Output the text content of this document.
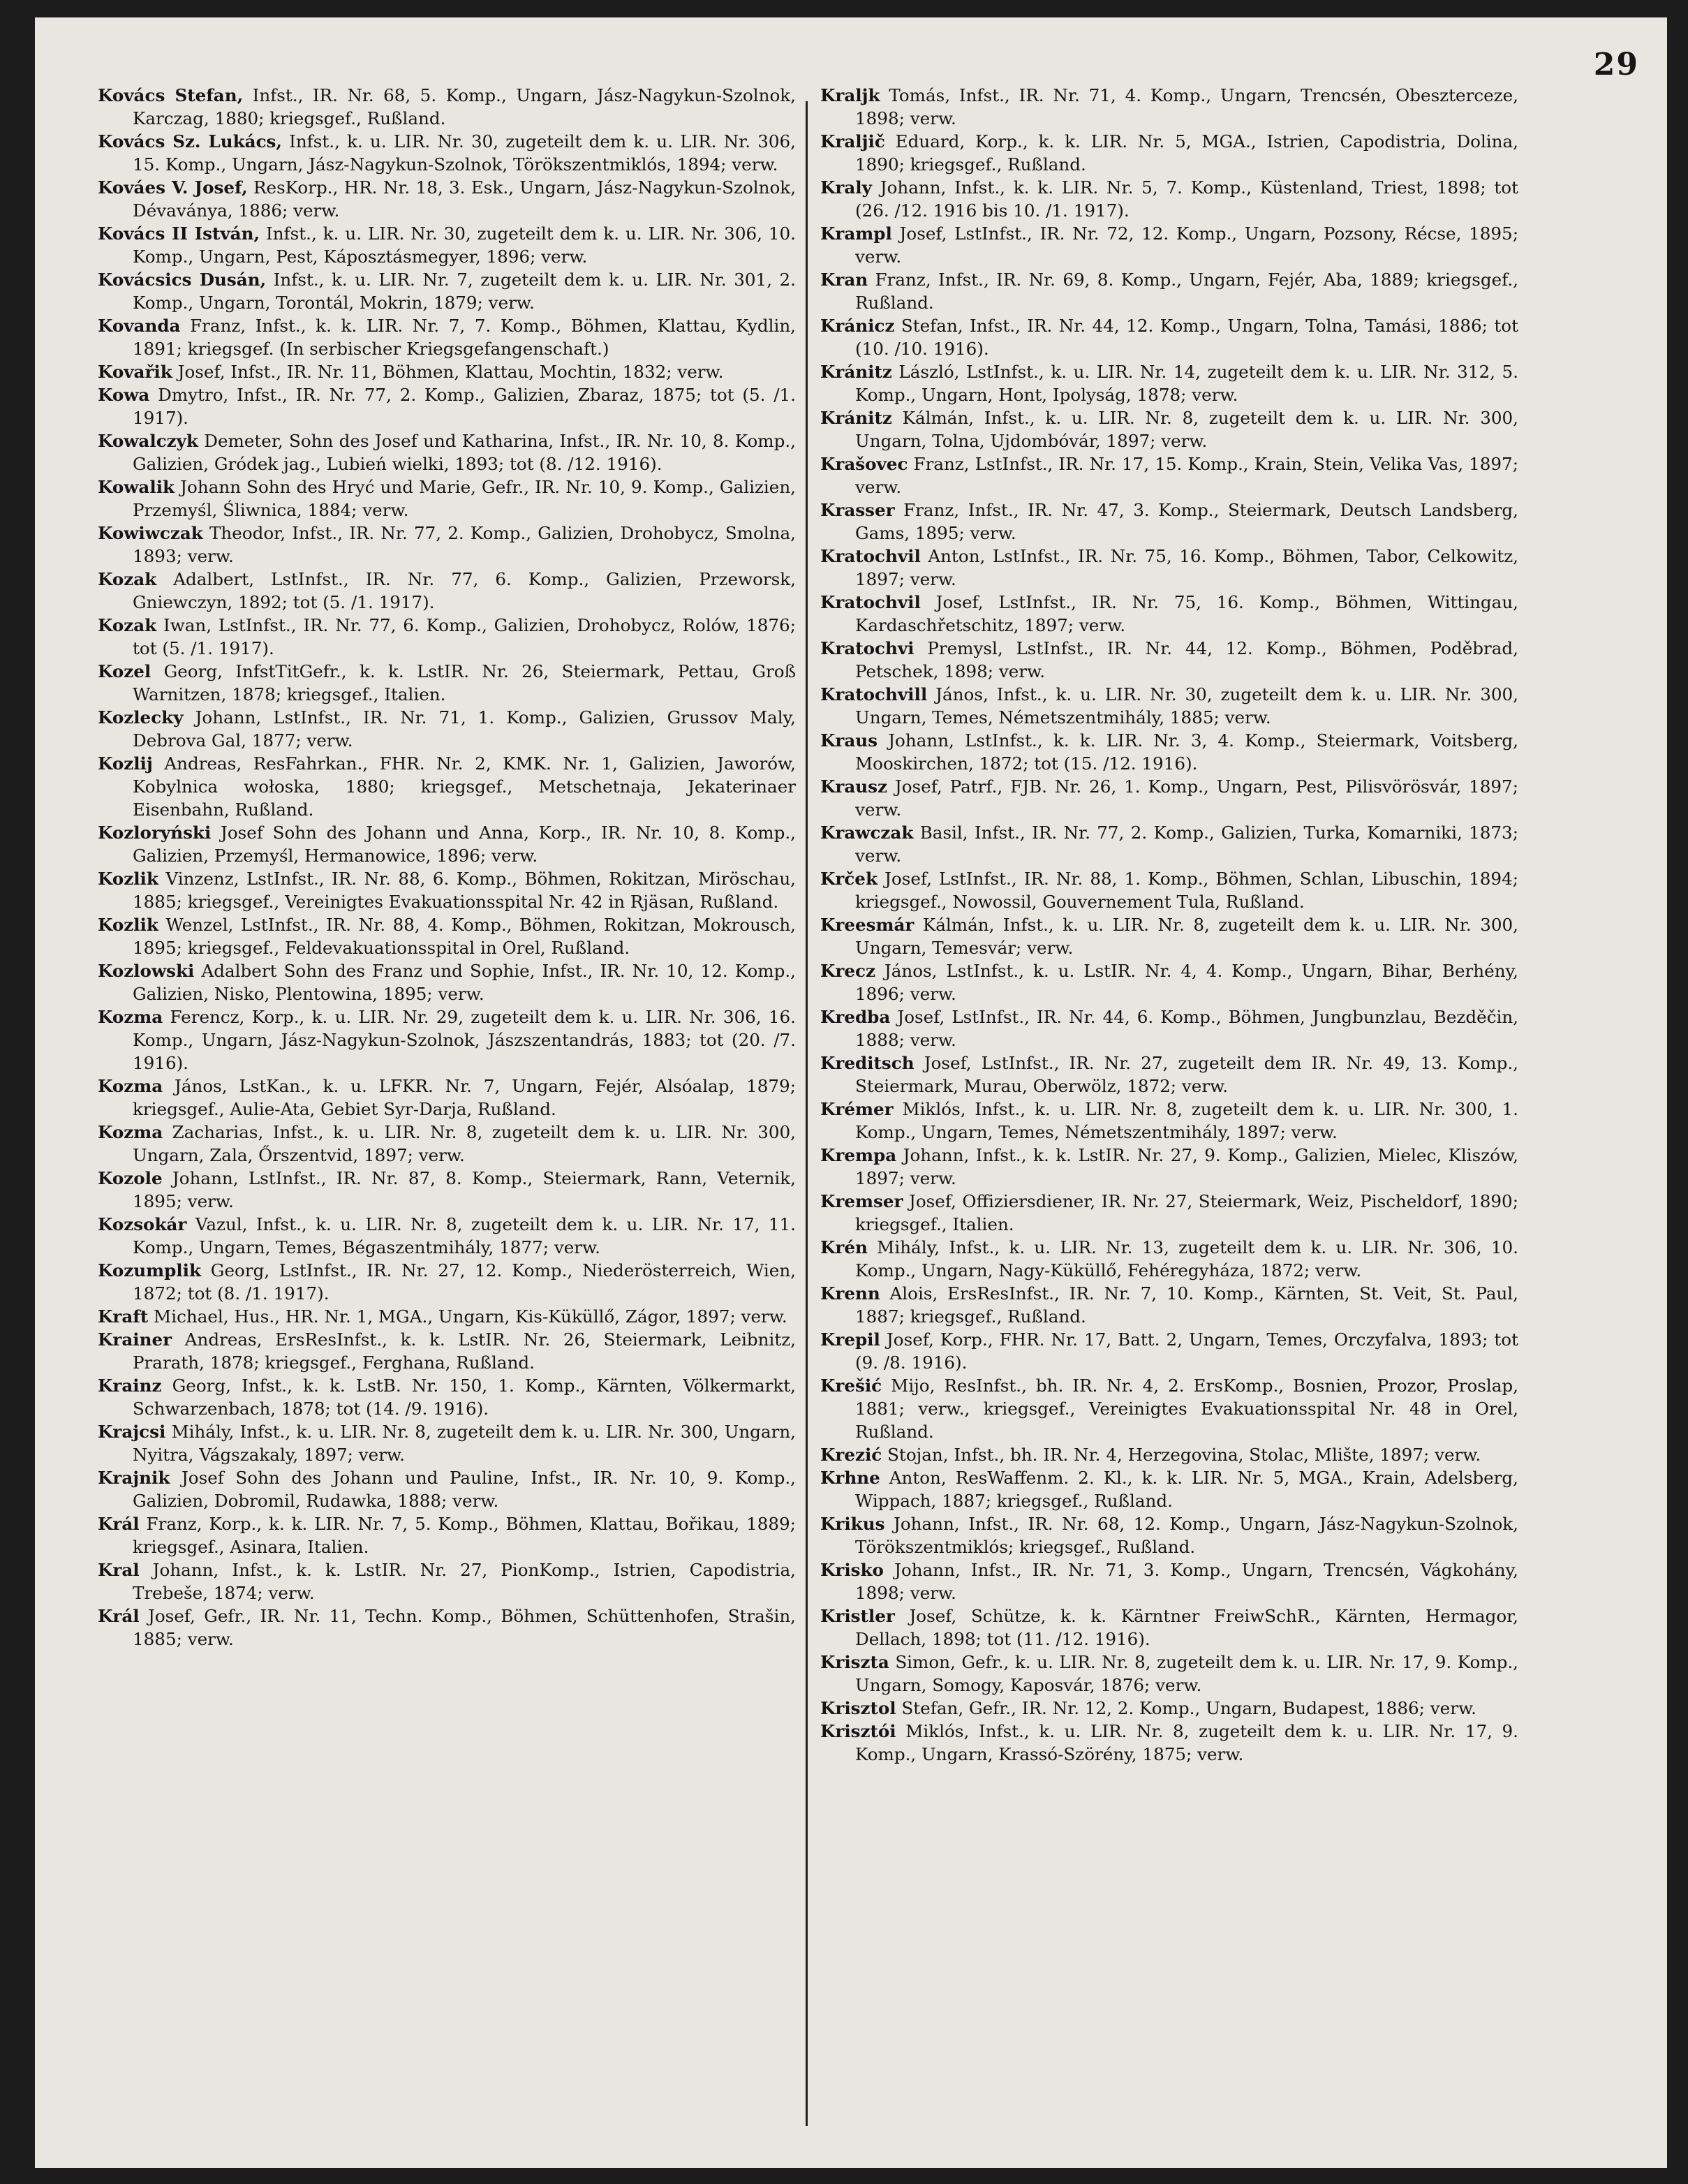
29

Kovács Stefan, Infst., IR. Nr. 68, 5. Komp., Ungarn, Jász-Nagykun-Szolnok, Karczag, 1880; kriegsgef., Rußland.

Kovács Sz. Lukács, Infst., k. u. LIR. Nr. 30, zugeteilt dem k. u. LIR. Nr. 306, 15. Komp., Ungarn, Jász-Nagykun-Szolnok, Törökszentmiklós, 1894; verw.

Kováes V. Josef, ResKorp., HR. Nr. 18, 3. Esk., Ungarn, Jász-Nagykun-Szolnok, Dévaványa, 1886; verw.

Kovács II István, Infst., k. u. LIR. Nr. 30, zugeteilt dem k. u. LIR. Nr. 306, 10. Komp., Ungarn, Pest, Káposztásmegyer, 1896; verw.

Kovácsics Dusán, Infst., k. u. LIR. Nr. 7, zugeteilt dem k. u. LIR. Nr. 301, 2. Komp., Ungarn, Torontál, Mokrin, 1879; verw.

Kovanda Franz, Infst., k. k. LIR. Nr. 7, 7. Komp., Böhmen, Klattau, Kydlin, 1891; kriegsgef. (In serbischer Kriegsgefangenschaft.)

Kovařik Josef, Infst., IR. Nr. 11, Böhmen, Klattau, Mochtin, 1832; verw.

Kowa Dmytro, Infst., IR. Nr. 77, 2. Komp., Galizien, Zbaraz, 1875; tot (5. /1. 1917).

Kowalczyk Demeter, Sohn des Josef und Katharina, Infst., IR. Nr. 10, 8. Komp., Galizien, Gródek jag., Lubień wielki, 1893; tot (8. /12. 1916).

Kowalik Johann Sohn des Hryć und Marie, Gefr., IR. Nr. 10, 9. Komp., Galizien, Przemyśl, Śliwnica, 1884; verw.

Kowiwczak Theodor, Infst., IR. Nr. 77, 2. Komp., Galizien, Drohobycz, Smolna, 1893; verw.

Kozak Adalbert, LstInfst., IR. Nr. 77, 6. Komp., Galizien, Przeworsk, Gniewczyn, 1892; tot (5. /1. 1917).

Kozak Iwan, LstInfst., IR. Nr. 77, 6. Komp., Galizien, Drohobycz, Rolów, 1876; tot (5. /1. 1917).

Kozel Georg, InfstTitGefr., k. k. LstIR. Nr. 26, Steiermark, Pettau, Groß Warnitzen, 1878; kriegsgef., Italien.

Kozlecky Johann, LstInfst., IR. Nr. 71, 1. Komp., Galizien, Grussov Maly, Debrova Gal, 1877; verw.

Kozlij Andreas, ResFahrkan., FHR. Nr. 2, KMK. Nr. 1, Galizien, Jaworów, Kobylnica wołoska, 1880; kriegsgef., Metschetnaja, Jekaterinaer Eisenbahn, Rußland.

Kozloryński Josef Sohn des Johann und Anna, Korp., IR. Nr. 10, 8. Komp., Galizien, Przemyśl, Hermanowice, 1896; verw.

Kozlik Vinzenz, LstInfst., IR. Nr. 88, 6. Komp., Böhmen, Rokitzan, Miröschau, 1885; kriegsgef., Vereinigtes Evakuationsspital Nr. 42 in Rjäsan, Rußland.

Kozlik Wenzel, LstInfst., IR. Nr. 88, 4. Komp., Böhmen, Rokitzan, Mokrousch, 1895; kriegsgef., Feldevakuationsspital in Orel, Rußland.

Kozlowski Adalbert Sohn des Franz und Sophie, Infst., IR. Nr. 10, 12. Komp., Galizien, Nisko, Plentowina, 1895; verw.

Kozma Ferencz, Korp., k. u. LIR. Nr. 29, zugeteilt dem k. u. LIR. Nr. 306, 16. Komp., Ungarn, Jász-Nagykun-Szolnok, Jászszentandrás, 1883; tot (20. /7. 1916).

Kozma János, LstKan., k. u. LFKR. Nr. 7, Ungarn, Fejér, Alsóalap, 1879; kriegsgef., Aulie-Ata, Gebiet Syr-Darja, Rußland.

Kozma Zacharias, Infst., k. u. LIR. Nr. 8, zugeteilt dem k. u. LIR. Nr. 300, Ungarn, Zala, Őrszentvid, 1897; verw.

Kozole Johann, LstInfst., IR. Nr. 87, 8. Komp., Steiermark, Rann, Veternik, 1895; verw.

Kozsokár Vazul, Infst., k. u. LIR. Nr. 8, zugeteilt dem k. u. LIR. Nr. 17, 11. Komp., Ungarn, Temes, Bégaszentmihály, 1877; verw.

Kozumplik Georg, LstInfst., IR. Nr. 27, 12. Komp., Niederösterreich, Wien, 1872; tot (8. /1. 1917).

Kraft Michael, Hus., HR. Nr. 1, MGA., Ungarn, Kis-Küküllő, Zágor, 1897; verw.

Krainer Andreas, ErsResInfst., k. k. LstIR. Nr. 26, Steiermark, Leibnitz, Prarath, 1878; kriegsgef., Ferghana, Rußland.

Krainz Georg, Infst., k. k. LstB. Nr. 150, 1. Komp., Kärnten, Völkermarkt, Schwarzenbach, 1878; tot (14. /9. 1916).

Krajcsi Mihály, Infst., k. u. LIR. Nr. 8, zugeteilt dem k. u. LIR. Nr. 300, Ungarn, Nyitra, Vágszakaly, 1897; verw.

Krajnik Josef Sohn des Johann und Pauline, Infst., IR. Nr. 10, 9. Komp., Galizien, Dobromil, Rudawka, 1888; verw.

Král Franz, Korp., k. k. LIR. Nr. 7, 5. Komp., Böhmen, Klattau, Bořikau, 1889; kriegsgef., Asinara, Italien.

Kral Johann, Infst., k. k. LstIR. Nr. 27, PionKomp., Istrien, Capodistria, Trebeše, 1874; verw.

Král Josef, Gefr., IR. Nr. 11, Techn. Komp., Böhmen, Schüttenhofen, Strašin, 1885; verw.

Kraljk Tomás, Infst., IR. Nr. 71, 4. Komp., Ungarn, Trencsén, Obeszterceze, 1898; verw.

Kraljič Eduard, Korp., k. k. LIR. Nr. 5, MGA., Istrien, Capodistria, Dolina, 1890; kriegsgef., Rußland.

Kraly Johann, Infst., k. k. LIR. Nr. 5, 7. Komp., Küstenland, Triest, 1898; tot (26. /12. 1916 bis 10. /1. 1917).

Krampl Josef, LstInfst., IR. Nr. 72, 12. Komp., Ungarn, Pozsony, Récse, 1895; verw.

Kran Franz, Infst., IR. Nr. 69, 8. Komp., Ungarn, Fejér, Aba, 1889; kriegsgef., Rußland.

Kránicz Stefan, Infst., IR. Nr. 44, 12. Komp., Ungarn, Tolna, Tamási, 1886; tot (10. /10. 1916).

Kránitz László, LstInfst., k. u. LIR. Nr. 14, zugeteilt dem k. u. LIR. Nr. 312, 5. Komp., Ungarn, Hont, Ipolyság, 1878; verw.

Kránitz Kálmán, Infst., k. u. LIR. Nr. 8, zugeteilt dem k. u. LIR. Nr. 300, Ungarn, Tolna, Ujdombóvár, 1897; verw.

Krašovec Franz, LstInfst., IR. Nr. 17, 15. Komp., Krain, Stein, Velika Vas, 1897; verw.

Krasser Franz, Infst., IR. Nr. 47, 3. Komp., Steiermark, Deutsch Landsberg, Gams, 1895; verw.

Kratochvil Anton, LstInfst., IR. Nr. 75, 16. Komp., Böhmen, Tabor, Celkowitz, 1897; verw.

Kratochvil Josef, LstInfst., IR. Nr. 75, 16. Komp., Böhmen, Wittingau, Kardaschřetschitz, 1897; verw.

Kratochvi Premysl, LstInfst., IR. Nr. 44, 12. Komp., Böhmen, Poděbrad, Petschek, 1898; verw.

Kratochvill János, Infst., k. u. LIR. Nr. 30, zugeteilt dem k. u. LIR. Nr. 300, Ungarn, Temes, Németszentmihály, 1885; verw.

Kraus Johann, LstInfst., k. k. LIR. Nr. 3, 4. Komp., Steiermark, Voitsberg, Mooskirchen, 1872; tot (15. /12. 1916).

Krausz Josef, Patrf., FJB. Nr. 26, 1. Komp., Ungarn, Pest, Pilisvörösvár, 1897; verw.

Krawczak Basil, Infst., IR. Nr. 77, 2. Komp., Galizien, Turka, Komarniki, 1873; verw.

Krček Josef, LstInfst., IR. Nr. 88, 1. Komp., Böhmen, Schlan, Libuschin, 1894; kriegsgef., Nowossil, Gouvernement Tula, Rußland.

Kreesmár Kálmán, Infst., k. u. LIR. Nr. 8, zugeteilt dem k. u. LIR. Nr. 300, Ungarn, Temesvár; verw.

Krecz János, LstInfst., k. u. LstIR. Nr. 4, 4. Komp., Ungarn, Bihar, Berhény, 1896; verw.

Kredba Josef, LstInfst., IR. Nr. 44, 6. Komp., Böhmen, Jungbunzlau, Bezděčin, 1888; verw.

Kreditsch Josef, LstInfst., IR. Nr. 27, zugeteilt dem IR. Nr. 49, 13. Komp., Steiermark, Murau, Oberwölz, 1872; verw.

Krémer Miklós, Infst., k. u. LIR. Nr. 8, zugeteilt dem k. u. LIR. Nr. 300, 1. Komp., Ungarn, Temes, Németszentmihály, 1897; verw.

Krempa Johann, Infst., k. k. LstIR. Nr. 27, 9. Komp., Galizien, Mielec, Kliszów, 1897; verw.

Kremser Josef, Offiziersdiener, IR. Nr. 27, Steiermark, Weiz, Pischeldorf, 1890; kriegsgef., Italien.

Krén Mihály, Infst., k. u. LIR. Nr. 13, zugeteilt dem k. u. LIR. Nr. 306, 10. Komp., Ungarn, Nagy-Küküllő, Fehéregyháza, 1872; verw.

Krenn Alois, ErsResInfst., IR. Nr. 7, 10. Komp., Kärnten, St. Veit, St. Paul, 1887; kriegsgef., Rußland.

Krepil Josef, Korp., FHR. Nr. 17, Batt. 2, Ungarn, Temes, Orczyfalva, 1893; tot (9. /8. 1916).

Krešić Mijo, ResInfst., bh. IR. Nr. 4, 2. ErsKomp., Bosnien, Prozor, Proslap, 1881; verw., kriegsgef., Vereinigtes Evakuationsspital Nr. 48 in Orel, Rußland.

Krezić Stojan, Infst., bh. IR. Nr. 4, Herzegovina, Stolac, Mlište, 1897; verw.

Krhne Anton, ResWaffenm. 2. Kl., k. k. LIR. Nr. 5, MGA., Krain, Adelsberg, Wippach, 1887; kriegsgef., Rußland.

Krikus Johann, Infst., IR. Nr. 68, 12. Komp., Ungarn, Jász-Nagykun-Szolnok, Törökszentmiklós; kriegsgef., Rußland.

Krisko Johann, Infst., IR. Nr. 71, 3. Komp., Ungarn, Trencsén, Vágkohány, 1898; verw.

Kristler Josef, Schütze, k. k. Kärntner FreiwSchR., Kärnten, Hermagor, Dellach, 1898; tot (11. /12. 1916).

Kriszta Simon, Gefr., k. u. LIR. Nr. 8, zugeteilt dem k. u. LIR. Nr. 17, 9. Komp., Ungarn, Somogy, Kaposvár, 1876; verw.

Krisztol Stefan, Gefr., IR. Nr. 12, 2. Komp., Ungarn, Budapest, 1886; verw.

Krisztói Miklós, Infst., k. u. LIR. Nr. 8, zugeteilt dem k. u. LIR. Nr. 17, 9. Komp., Ungarn, Krassó-Szörény, 1875; verw.
